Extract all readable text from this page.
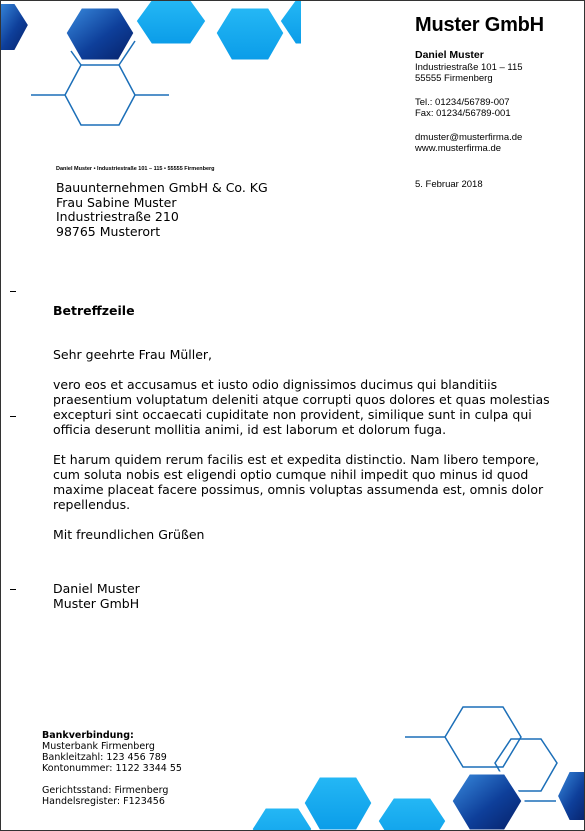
Muster GmbH
Daniel Muster
Industriestraße 101 – 115
55555 Firmenberg
Tel.: 01234/56789-007
Fax: 01234/56789-001
dmuster@musterfirma.de
www.musterfirma.de
5. Februar 2018
Daniel Muster • Industriestraße 101 – 115 • 55555 Firmenberg
Bauunternehmen GmbH & Co. KG
Frau Sabine Muster
Industriestraße 210
98765 Musterort
Betreffzeile

Sehr geehrte Frau Müller,

vero eos et accusamus et iusto odio dignissimos ducimus qui blanditiis praesentium voluptatum deleniti atque corrupti quos dolores et quas molestias excepturi sint occaecati cupiditate non provident, similique sunt in culpa qui officia deserunt mollitia animi, id est laborum et dolorum fuga.

Et harum quidem rerum facilis est et expedita distinctio. Nam libero tempore, cum soluta nobis est eligendi optio cumque nihil impedit quo minus id quod maxime placeat facere possimus, omnis voluptas assumenda est, omnis dolor repellendus.

Mit freundlichen Grüßen

Daniel Muster
Muster GmbH
Bankverbindung:
Musterbank Firmenberg
Bankleitzahl: 123 456 789
Kontonummer: 1122 3344 55
Gerichtsstand: Firmenberg
Handelsregister: F123456
